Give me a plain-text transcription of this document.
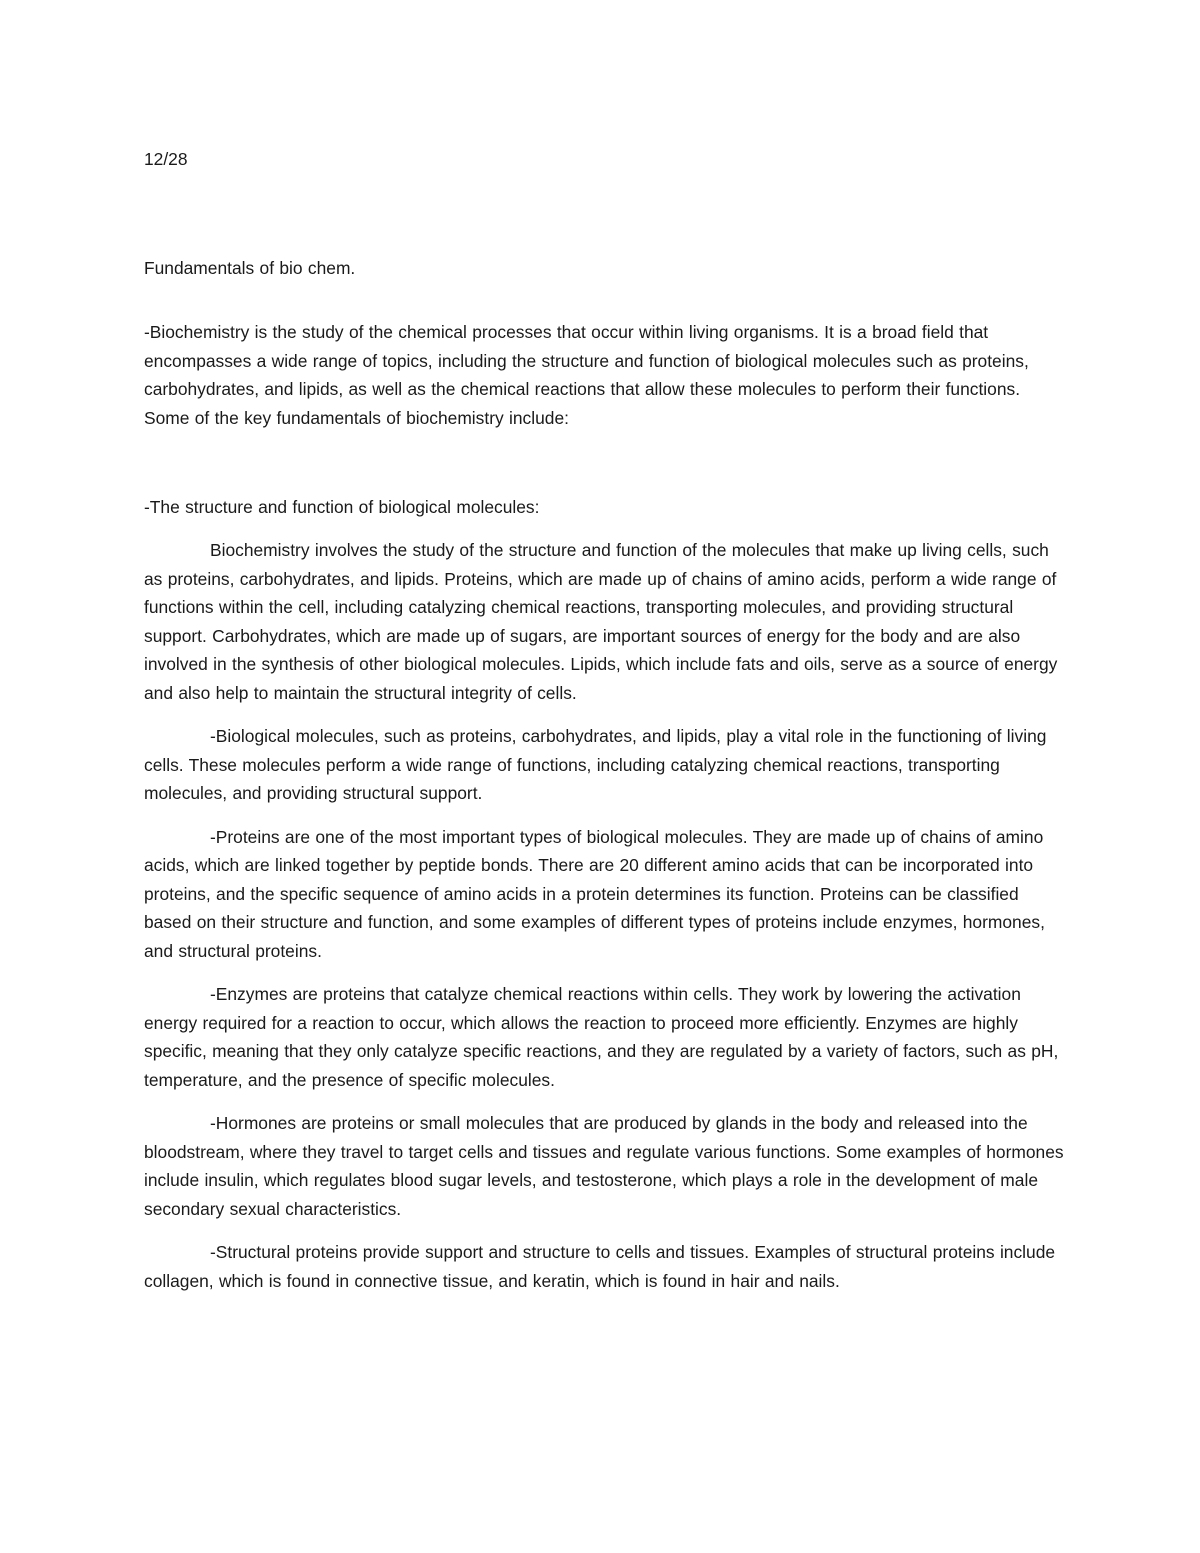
12/28

Fundamentals of bio chem.

-Biochemistry is the study of the chemical processes that occur within living organisms. It is a broad field that encompasses a wide range of topics, including the structure and function of biological molecules such as proteins, carbohydrates, and lipids, as well as the chemical reactions that allow these molecules to perform their functions. Some of the key fundamentals of biochemistry include:

-The structure and function of biological molecules:

Biochemistry involves the study of the structure and function of the molecules that make up living cells, such as proteins, carbohydrates, and lipids. Proteins, which are made up of chains of amino acids, perform a wide range of functions within the cell, including catalyzing chemical reactions, transporting molecules, and providing structural support. Carbohydrates, which are made up of sugars, are important sources of energy for the body and are also involved in the synthesis of other biological molecules. Lipids, which include fats and oils, serve as a source of energy and also help to maintain the structural integrity of cells.

-Biological molecules, such as proteins, carbohydrates, and lipids, play a vital role in the functioning of living cells. These molecules perform a wide range of functions, including catalyzing chemical reactions, transporting molecules, and providing structural support.

-Proteins are one of the most important types of biological molecules. They are made up of chains of amino acids, which are linked together by peptide bonds. There are 20 different amino acids that can be incorporated into proteins, and the specific sequence of amino acids in a protein determines its function. Proteins can be classified based on their structure and function, and some examples of different types of proteins include enzymes, hormones, and structural proteins.

-Enzymes are proteins that catalyze chemical reactions within cells. They work by lowering the activation energy required for a reaction to occur, which allows the reaction to proceed more efficiently. Enzymes are highly specific, meaning that they only catalyze specific reactions, and they are regulated by a variety of factors, such as pH, temperature, and the presence of specific molecules.

-Hormones are proteins or small molecules that are produced by glands in the body and released into the bloodstream, where they travel to target cells and tissues and regulate various functions. Some examples of hormones include insulin, which regulates blood sugar levels, and testosterone, which plays a role in the development of male secondary sexual characteristics.

-Structural proteins provide support and structure to cells and tissues. Examples of structural proteins include collagen, which is found in connective tissue, and keratin, which is found in hair and nails.
